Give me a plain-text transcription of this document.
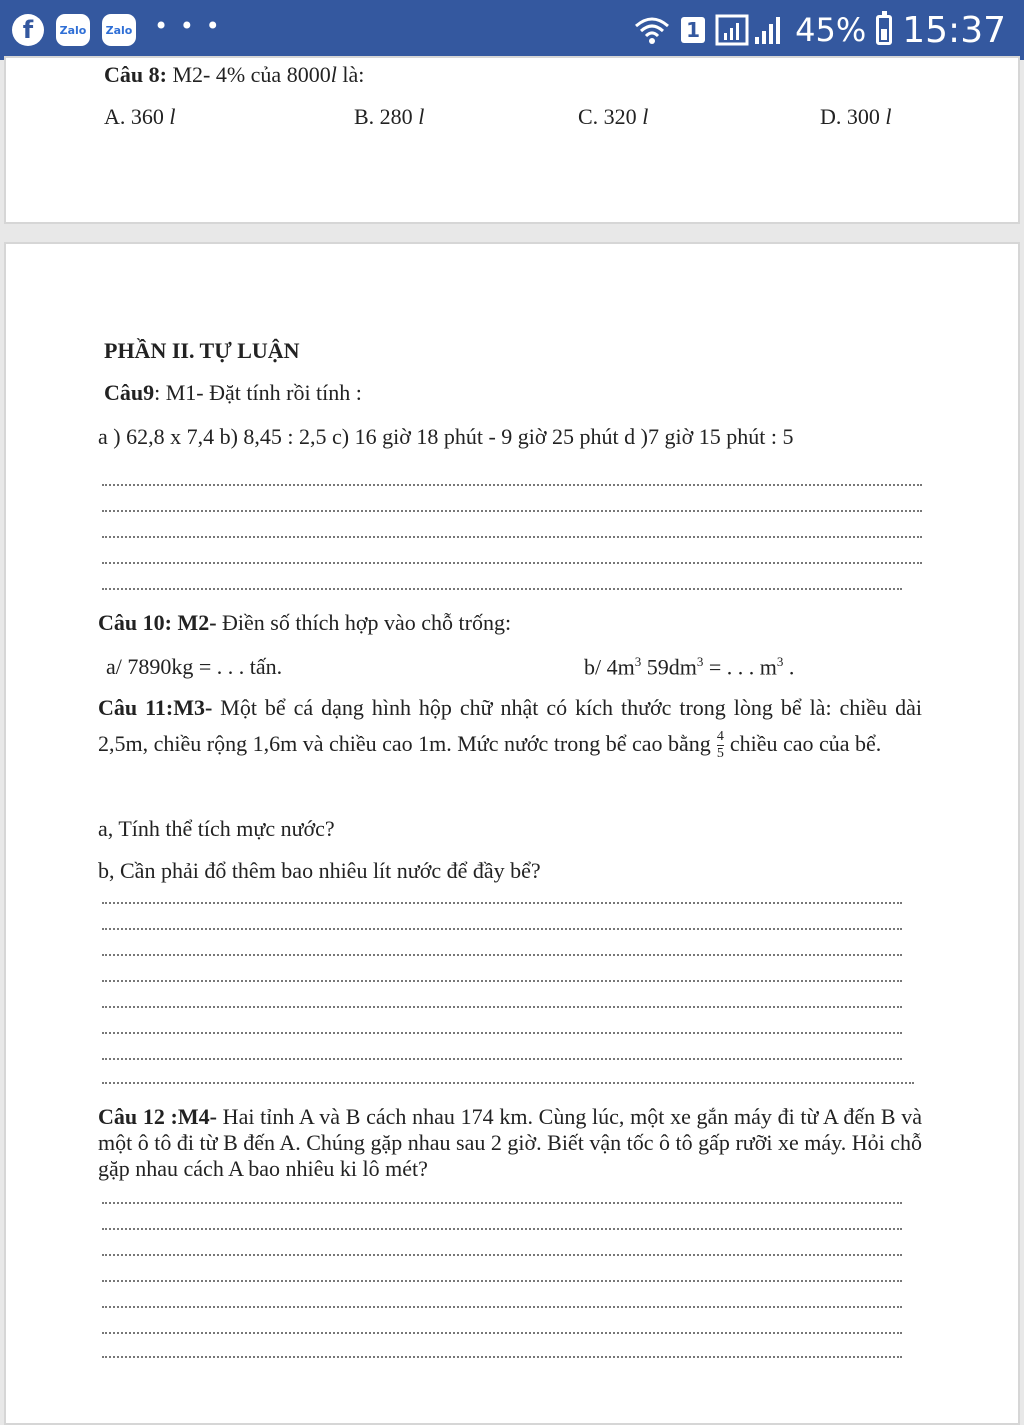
f	Zalo	Zalo • • •	1	45% 15:37
Câu 8: M2- 4% của 8000l là:
A. 360 l	B. 280 l	C. 320 l	D. 300 l
PHẦN II. TỰ LUẬN
Câu9: M1- Đặt tính rồi tính :
a ) 62,8 x 7,4 b) 8,45 : 2,5 c) 16 giờ 18 phút - 9 giờ 25 phút d )7 giờ 15 phút : 5
Câu 10: M2- Điền số thích hợp vào chỗ trống:
a/ 7890kg = . . . tấn.	b/ $4m^3$ $59dm^3$ = . . . $m^3$ .
Câu 11:M3- Một bể cá dạng hình hộp chữ nhật có kích thước trong lòng bể là: chiều dài 2,5m, chiều rộng 1,6m và chiều cao 1m. Mức nước trong bể cao bằng $\frac{4}{5}$ chiều cao của bể.
a, Tính thể tích mực nước?
b, Cần phải đổ thêm bao nhiêu lít nước để đầy bể?
Câu 12 :M4- Hai tỉnh A và B cách nhau 174 km. Cùng lúc, một xe gắn máy đi từ A đến B và một ô tô đi từ B đến A. Chúng gặp nhau sau 2 giờ. Biết vận tốc ô tô gấp rưỡi xe máy. Hỏi chỗ gặp nhau cách A bao nhiêu ki lô mét?
